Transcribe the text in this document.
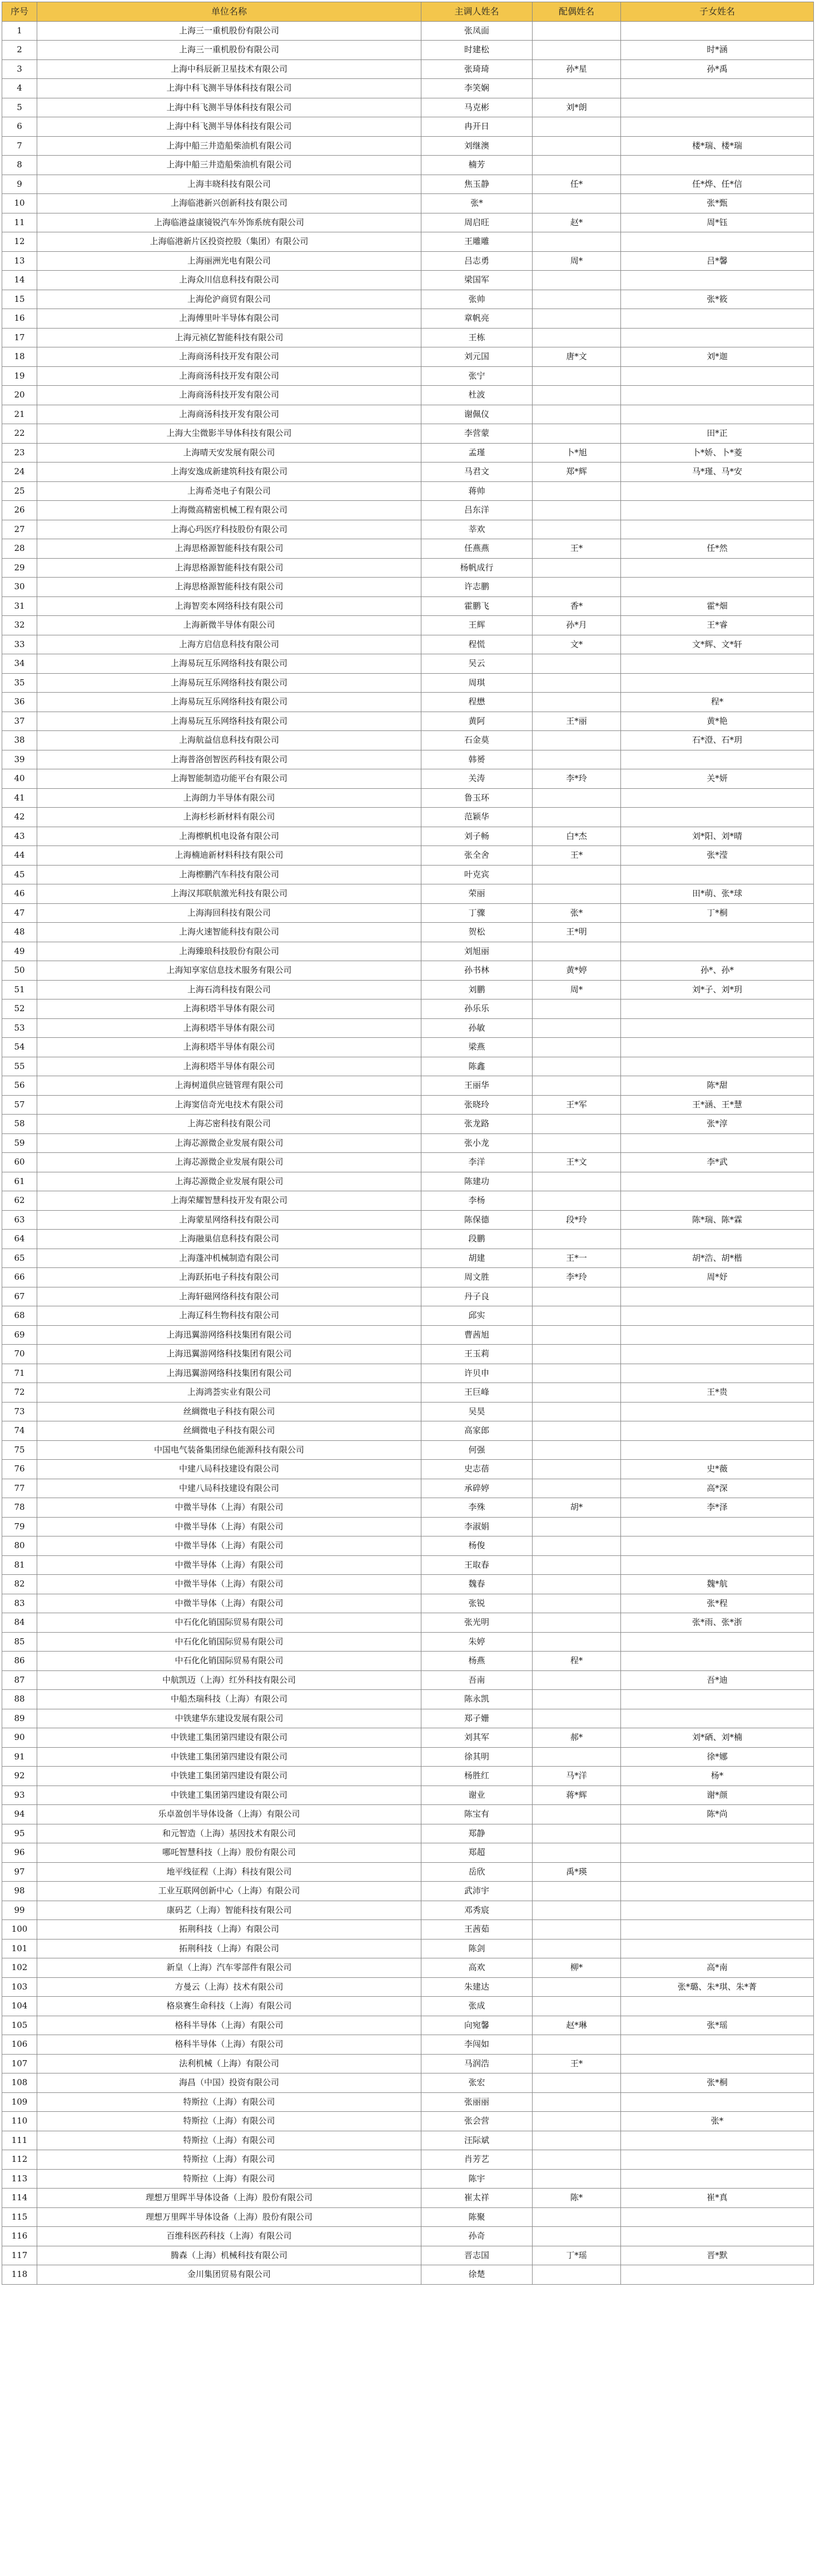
序号	单位名称	主调人姓名	配偶姓名	子女姓名
1	上海三一重机股份有限公司	张凤面		
2	上海三一重机股份有限公司	时建松		时*涵
3	上海中科辰新卫星技术有限公司	张琦琦	孙*星	孙*禹
4	上海中科飞测半导体科技有限公司	李笑娴		
5	上海中科飞测半导体科技有限公司	马克彬	刘*朗	
6	上海中科飞测半导体科技有限公司	冉开日		
7	上海中船三井造船柴油机有限公司	刘继澳		楼*瑞、楼*瑞
8	上海中船三井造船柴油机有限公司	楠芳		
9	上海丰晓科技有限公司	焦玉静	任*	任*烨、任*信
10	上海临港新兴创新科技有限公司	张*		张*甄
11	上海临港益康镜锐汽车外饰系统有限公司	周启旺	赵*	周*钰
12	上海临港新片区投资控股（集团）有限公司	王雕雕		
13	上海丽洲光电有限公司	吕志勇	周*	吕*馨
14	上海众川信息科技有限公司	梁国军		
15	上海伦沪商贸有限公司	张帅		张*筱
16	上海傅里叶半导体有限公司	章帆亮		
17	上海元祯亿智能科技有限公司	王栋		
18	上海商汤科技开发有限公司	刘元国	唐*文	刘*迦
19	上海商汤科技开发有限公司	张宁		
20	上海商汤科技开发有限公司	杜波		
21	上海商汤科技开发有限公司	谢佩仪		
22	上海大尘微影半导体科技有限公司	李营蒙		田*正
23	上海晴天安发展有限公司	孟瑾	卜*旭	卜*娇、卜*菱
24	上海安逸成新建筑科技有限公司	马君文	郑*辉	马*瑾、马*安
25	上海希尧电子有限公司	蒋帅		
26	上海微高精密机械工程有限公司	吕东洋		
27	上海心玛医疗科技股份有限公司	莘欢		
28	上海思格源智能科技有限公司	任燕燕	王*	任*然
29	上海思格源智能科技有限公司	杨帆成行		
30	上海思格源智能科技有限公司	许志鹏		
31	上海智奕本网络科技有限公司	霍鹏飞	香*	霍*畑
32	上海新微半导体有限公司	王辉	孙*月	王*睿
33	上海方启信息科技有限公司	程慌	文*	文*辉、文*轩
34	上海易玩互乐网络科技有限公司	吴云		
35	上海易玩互乐网络科技有限公司	周琪		
36	上海易玩互乐网络科技有限公司	程懋		程*
37	上海易玩互乐网络科技有限公司	黄阿	王*丽	黄*艳
38	上海航益信息科技有限公司	石金莫		石*澄、石*玥
39	上海普洛创智医药科技有限公司	韩赟		
40	上海智能制造功能平台有限公司	关涛	李*玲	关*妍
41	上海朗力半导体有限公司	鲁玉环		
42	上海杉杉新材料有限公司	范颖华		
43	上海檫帆机电设备有限公司	刘子畅	白*杰	刘*阳、刘*晴
44	上海楠迪新材料科技有限公司	张全舍	王*	张*滢
45	上海檫鹏汽车科技有限公司	叶克宾		
46	上海汉邦联航激光科技有限公司	荣丽		田*萌、张*球
47	上海海回科技有限公司	丁骤	张*	丁*桐
48	上海火速智能科技有限公司	贺松	王*明	
49	上海臻琅科技股份有限公司	刘旭丽		
50	上海知享家信息技术服务有限公司	孙书林	黄*婷	孙*、孙*
51	上海石湾科技有限公司	刘鹏	周*	刘*子、刘*玥
52	上海积塔半导体有限公司	孙乐乐		
53	上海积塔半导体有限公司	孙敏		
54	上海积塔半导体有限公司	梁燕		
55	上海积塔半导体有限公司	陈鑫		
56	上海树道供应链管理有限公司	王丽华		陈*甜
57	上海窦信奇光电技术有限公司	张晓玲	王*军	王*涵、王*慧
58	上海芯密科技有限公司	张龙路		张*淳
59	上海芯源微企业发展有限公司	张小龙		
60	上海芯源微企业发展有限公司	李洋	王*文	李*武
61	上海芯源微企业发展有限公司	陈建功		
62	上海荣耀智慧科技开发有限公司	李杨		
63	上海蒙星网络科技有限公司	陈保德	段*玲	陈*瑞、陈*霖
64	上海融巢信息科技有限公司	段鹏		
65	上海蓬冲机械制造有限公司	胡建	王*一	胡*浩、胡*楷
66	上海跃拓电子科技有限公司	周文胜	李*玲	周*妤
67	上海轩磁网络科技有限公司	丹子良		
68	上海辽科生物科技有限公司	邱实		
69	上海迅翼游网络科技集团有限公司	曹茜旭		
70	上海迅翼游网络科技集团有限公司	王玉莉		
71	上海迅翼游网络科技集团有限公司	许贝申		
72	上海鸿荟实业有限公司	王巨峰		王*贵
73	丝綢微电子科技有限公司	吴昊		
74	丝綢微电子科技有限公司	高家郎		
75	中国电气装备集团绿色能源科技有限公司	何强		
76	中建八局科技建设有限公司	史志蓓		史*薇
77	中建八局科技建设有限公司	承碎婷		高*深
78	中微半导体（上海）有限公司	李殊	胡*	李*泽
79	中微半导体（上海）有限公司	李淑娟		
80	中微半导体（上海）有限公司	杨俊		
81	中微半导体（上海）有限公司	王取春		
82	中微半导体（上海）有限公司	魏春		魏*航
83	中微半导体（上海）有限公司	张锐		张*程
84	中石化化销国际贸易有限公司	张光明		张*雨、张*浙
85	中石化化销国际贸易有限公司	朱婷		
86	中石化化销国际贸易有限公司	杨燕	程*	
87	中航凯迈（上海）红外科技有限公司	吾南		吾*迪
88	中船杰瑞科技（上海）有限公司	陈永凯		
89	中铁建华东建设发展有限公司	郑子姗		
90	中铁建工集团第四建设有限公司	刘其军	郝*	刘*硒、刘*楠
91	中铁建工集团第四建设有限公司	徐其明		徐*娜
92	中铁建工集团第四建设有限公司	杨胜红	马*洋	杨*
93	中铁建工集团第四建设有限公司	谢业	蒋*辉	谢*颜
94	乐卓盈创半导体设备（上海）有限公司	陈宝有		陈*尚
95	和元智造（上海）基因技术有限公司	郑静		
96	哪吒智慧科技（上海）股份有限公司	郑超		
97	地平线征程（上海）科技有限公司	岳欣	禹*瑛	
98	工业互联网创新中心（上海）有限公司	武沛宇		
99	康码艺（上海）智能科技有限公司	邓秀宸		
100	拓荆科技（上海）有限公司	王茜茹		
101	拓荆科技（上海）有限公司	陈剑		
102	新皇（上海）汽车零部件有限公司	高欢	柳*	高*南
103	方曼云（上海）技术有限公司	朱建达		张*璐、朱*琪、朱*菁
104	格泉赛生命科技（上海）有限公司	张成		
105	格科半导体（上海）有限公司	向宛馨	赵*琳	张*瑶
106	格科半导体（上海）有限公司	李闯如		
107	法利机械（上海）有限公司	马润浩	王*	
108	海昌（中国）投资有限公司	张宏		张*桐
109	特斯拉（上海）有限公司	张丽丽		
110	特斯拉（上海）有限公司	张会营		张*
111	特斯拉（上海）有限公司	汪际斌		
112	特斯拉（上海）有限公司	肖芳艺		
113	特斯拉（上海）有限公司	陈宇		
114	理想万里晖半导体设备（上海）股份有限公司	崔太祥	陈*	崔*真
115	理想万里晖半导体设备（上海）股份有限公司	陈聚		
116	百维科医药科技（上海）有限公司	孙奇		
117	腾森（上海）机械科技有限公司	晋志国	丁*瑶	晋*默
118	金川集团贸易有限公司	徐楚		
